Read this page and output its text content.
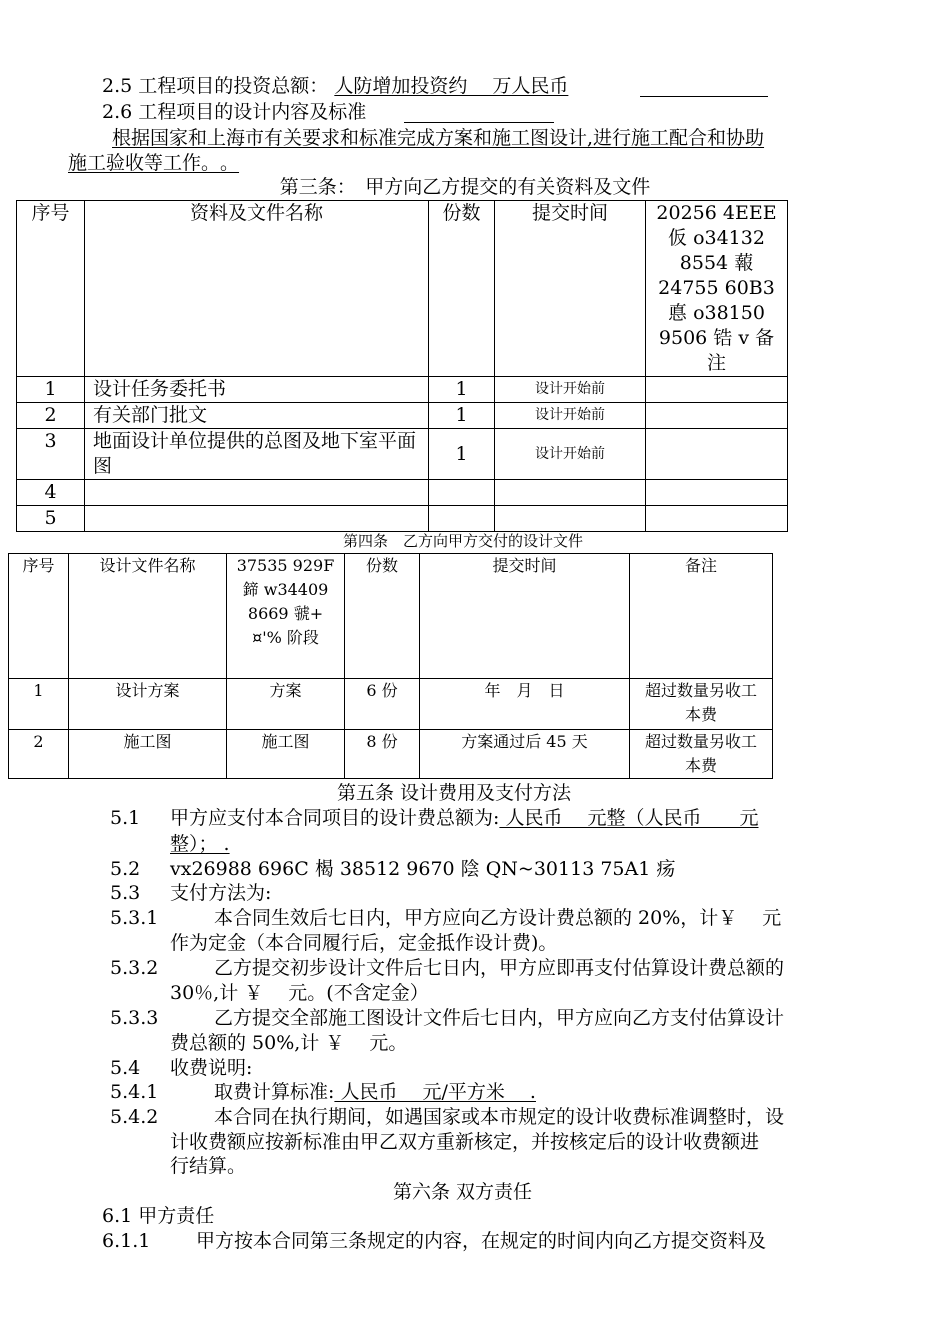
2.5 工程项目的投资总额： 人防增加投资约　 万人民币
2.6 工程项目的设计内容及标准
根据国家和上海市有关要求和标准完成方案和施工图设计,进行施工配合和协助
施工验收等工作。。
第三条：　甲方向乙方提交的有关资料及文件
序号	资料及文件名称	份数	提交时间	20256 4EEE 仮 o34132 8554 蕔 24755 60B3 悳 o38150 9506 锆 v 备 注
1	设计任务委托书	1	设计开始前	
2	有关部门批文	1	设计开始前	
3	地面设计单位提供的总图及地下室平面图	1	设计开始前	
4				
5				
第四条　乙方向甲方交付的设计文件
序号	设计文件名称	37535 929F 鍗 w34409 8669 虢+ ¤'% 阶段	份数	提交时间	备注
1	设计方案	方案	6 份	年　月　日	超过数量另收工本费
2	施工图	施工图	8 份	方案通过后 45 天	超过数量另收工本费
第五条 设计费用及支付方法
5.1 甲方应支付本合同项目的设计费总额为: 人民币　 元整（人民币　　元
整）； .
5.2 vx26988 696C 楬 38512 9670 陰 QN~30113 75A1 疡
5.3 支付方法为:
5.3.1	本合同生效后七日内，甲方应向乙方设计费总额的 20%，计￥　 元
作为定金（本合同履行后，定金抵作设计费)。
5.3.2	乙方提交初步设计文件后七日内，甲方应即再支付估算设计费总额的
30％,计 ￥　 元。(不含定金）
5.3.3	乙方提交全部施工图设计文件后七日内，甲方应向乙方支付估算设计
费总额的 50%,计 ￥　 元。
5.4 收费说明:
5.4.1	取费计算标准: 人民币　 元/平方米　 .
5.4.2	本合同在执行期间，如遇国家或本市规定的设计收费标准调整时，设
计收费额应按新标准由甲乙双方重新核定，并按核定后的设计收费额进
行结算。
第六条 双方责任
6.1 甲方责任
6.1.1 甲方按本合同第三条规定的内容，在规定的时间内向乙方提交资料及
